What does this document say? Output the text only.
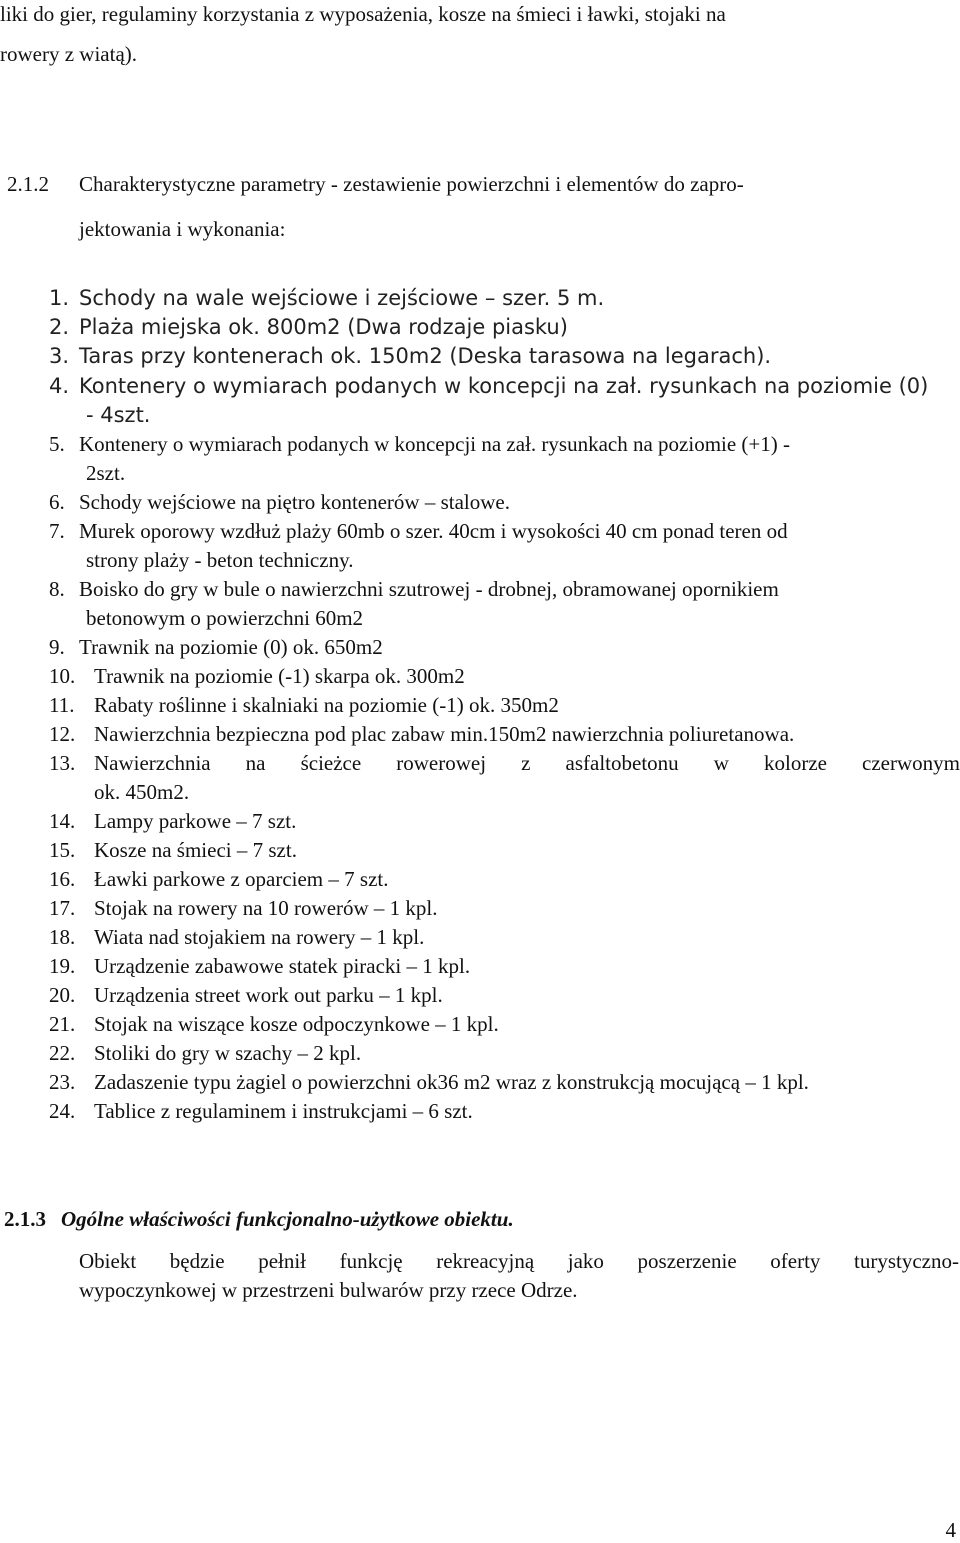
liki do gier, regulaminy korzystania z wyposażenia, kosze na śmieci i ławki, stojaki na
rowery z wiatą).
2.1.2 Charakterystyczne parametry - zestawienie powierzchni i elementów do zapro-
jektowania i wykonania:
1. Schody na wale wejściowe i zejściowe – szer. 5 m.
2. Plaża miejska ok. 800m2 (Dwa rodzaje piasku)
3. Taras przy kontenerach ok. 150m2 (Deska tarasowa na legarach).
4. Kontenery o wymiarach podanych w koncepcji na zał. rysunkach na poziomie (0)
- 4szt.
5. Kontenery o wymiarach podanych w koncepcji na zał. rysunkach na poziomie (+1) -
2szt.
6. Schody wejściowe na piętro kontenerów – stalowe.
7. Murek oporowy wzdłuż plaży 60mb o szer. 40cm i wysokości 40 cm ponad teren od
strony plaży - beton techniczny.
8. Boisko do gry w bule o nawierzchni szutrowej - drobnej, obramowanej opornikiem
betonowym o powierzchni 60m2
9. Trawnik na poziomie (0) ok. 650m2
10. Trawnik na poziomie (-1) skarpa ok. 300m2
11. Rabaty roślinne i skalniaki na poziomie (-1) ok. 350m2
12. Nawierzchnia bezpieczna pod plac zabaw min.150m2 nawierzchnia poliuretanowa.
13. Nawierzchnia na ścieżce rowerowej z asfaltobetonu w kolorze czerwonym
ok. 450m2.
14. Lampy parkowe – 7 szt.
15. Kosze na śmieci – 7 szt.
16. Ławki parkowe z oparciem – 7 szt.
17. Stojak na rowery na 10 rowerów – 1 kpl.
18. Wiata nad stojakiem na rowery – 1 kpl.
19. Urządzenie zabawowe statek piracki – 1 kpl.
20. Urządzenia street work out parku – 1 kpl.
21. Stojak na wiszące kosze odpoczynkowe – 1 kpl.
22. Stoliki do gry w szachy – 2 kpl.
23. Zadaszenie typu żagiel o powierzchni ok36 m2 wraz z konstrukcją mocującą – 1 kpl.
24. Tablice z regulaminem i instrukcjami – 6 szt.
2.1.3 Ogólne właściwości funkcjonalno-użytkowe obiektu.
Obiekt będzie pełnił funkcję rekreacyjną jako poszerzenie oferty turystyczno-
wypoczynkowej w przestrzeni bulwarów przy rzece Odrze.
4
